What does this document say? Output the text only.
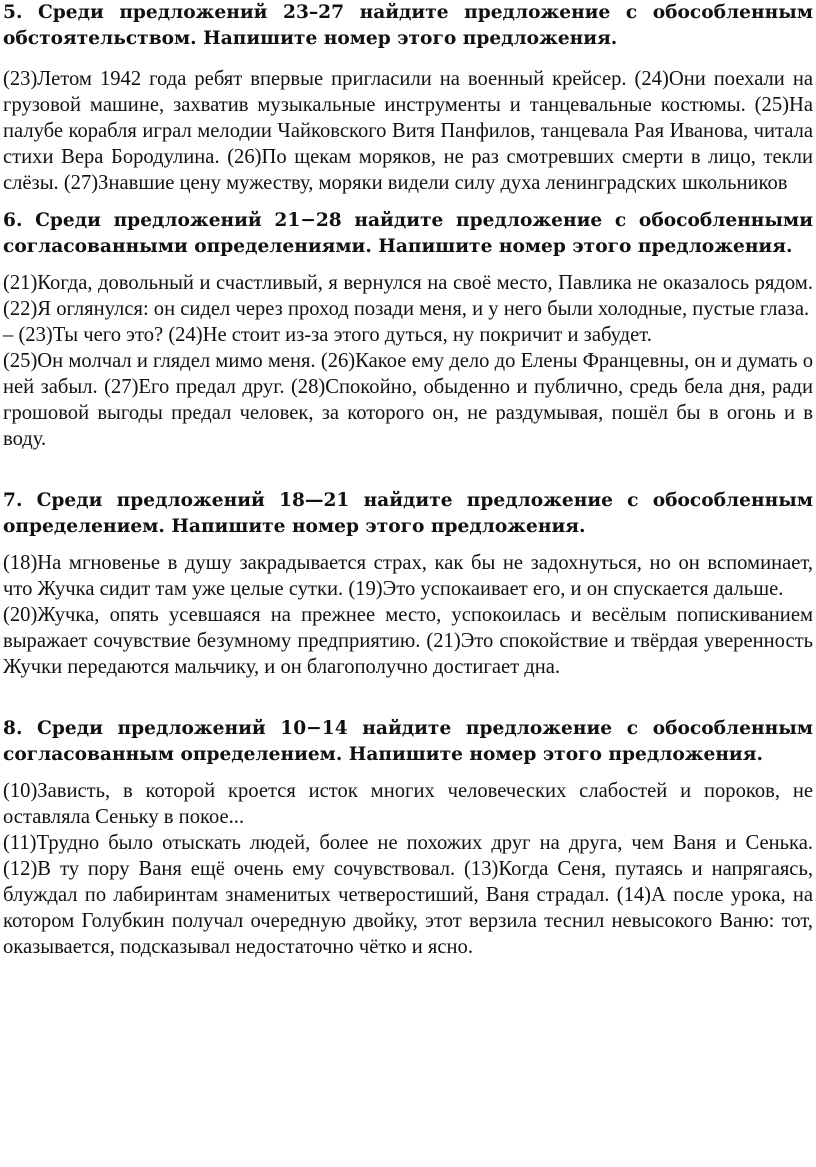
5. Среди предложений 23–27 найдите предложение с обособленным обстоятельством. Напишите номер этого предложения.

(23)Летом 1942 года ребят впервые пригласили на военный крейсер. (24)Они поехали на грузовой машине, захватив музыкальные инструменты и танцевальные костюмы. (25)На палубе корабля играл мелодии Чайковского Витя Панфилов, танцевала Рая Иванова, читала стихи Вера Бородулина. (26)По щекам моряков, не раз смотревших смерти в лицо, текли слёзы. (27)Знавшие цену мужеству, моряки видели силу духа ленинградских школьников

6. Среди предложений 21−28 найдите предложение с обособленными согласованными определениями. Напишите номер этого предложения.

(21)Когда, довольный и счастливый, я вернулся на своё место, Павлика не оказалось рядом. (22)Я оглянулся: он сидел через проход позади меня, и у него были холодные, пустые глаза.

– (23)Ты чего это? (24)Не стоит из-за этого дуться, ну покричит и забудет.

(25)Он молчал и глядел мимо меня. (26)Какое ему дело до Елены Францевны, он и думать о ней забыл. (27)Его предал друг. (28)Спокойно, обыденно и публично, средь бела дня, ради грошовой выгоды предал человек, за которого он, не раздумывая, пошёл бы в огонь и в воду.

7. Среди предложений 18—21 найдите предложение с обособленным определением. Напишите номер этого предложения.

(18)На мгновенье в душу закрадывается страх, как бы не задохнуться, но он вспоминает, что Жучка сидит там уже целые сутки. (19)Это успокаивает его, и он спускается дальше.

(20)Жучка, опять усевшаяся на прежнее место, успокоилась и весёлым попискиванием выражает сочувствие безумному предприятию. (21)Это спокойствие и твёрдая уверенность Жучки передаются мальчику, и он благополучно достигает дна.

8. Среди предложений 10−14 найдите предложение с обособленным согласованным определением. Напишите номер этого предложения.

(10)Зависть, в которой кроется исток многих человеческих слабостей и пороков, не оставляла Сеньку в покое...

(11)Трудно было отыскать людей, более не похожих друг на друга, чем Ваня и Сенька. (12)В ту пору Ваня ещё очень ему сочувствовал. (13)Когда Сеня, путаясь и напрягаясь, блуждал по лабиринтам знаменитых четверостиший, Ваня страдал. (14)А после урока, на котором Голубкин получал очередную двойку, этот верзила теснил невысокого Ваню: тот, оказывается, подсказывал недостаточно чётко и ясно.
